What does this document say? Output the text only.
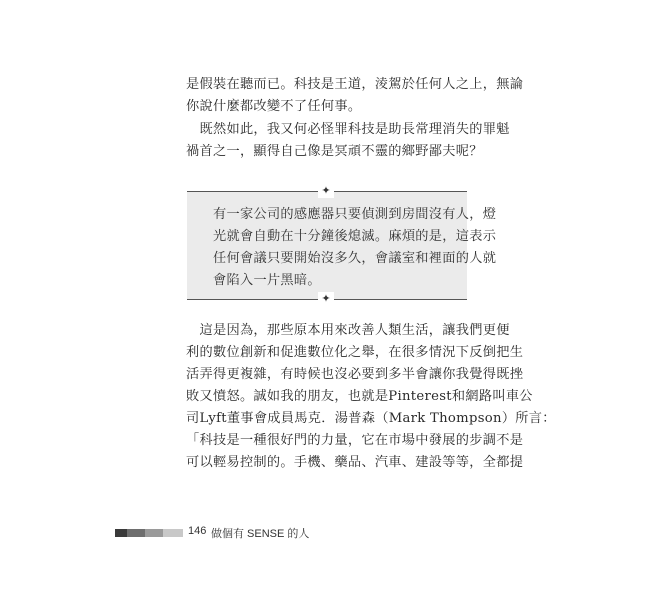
是假裝在聽而已。科技是王道，淩駕於任何人之上，無論
你說什麼都改變不了任何事。

　既然如此，我又何必怪罪科技是助長常理消失的罪魁
禍首之一，顯得自己像是冥頑不靈的鄉野鄙夫呢？

✦
✦

有一家公司的感應器只要偵測到房間沒有人，燈
光就會自動在十分鐘後熄滅。麻煩的是，這表示
任何會議只要開始沒多久，會議室和裡面的人就
會陷入一片黑暗。

　這是因為，那些原本用來改善人類生活，讓我們更便
利的數位創新和促進數位化之舉，在很多情況下反倒把生
活弄得更複雜，有時候也沒必要到多半會讓你我覺得既挫
敗又憤怒。誠如我的朋友，也就是Pinterest和網路叫車公
司Lyft董事會成員馬克．湯普森（Mark Thompson）所言：
「科技是一種很好門的力量，它在市場中發展的步調不是
可以輕易控制的。手機、藥品、汽車、建設等等，全都提

146 做個有 SENSE 的人
